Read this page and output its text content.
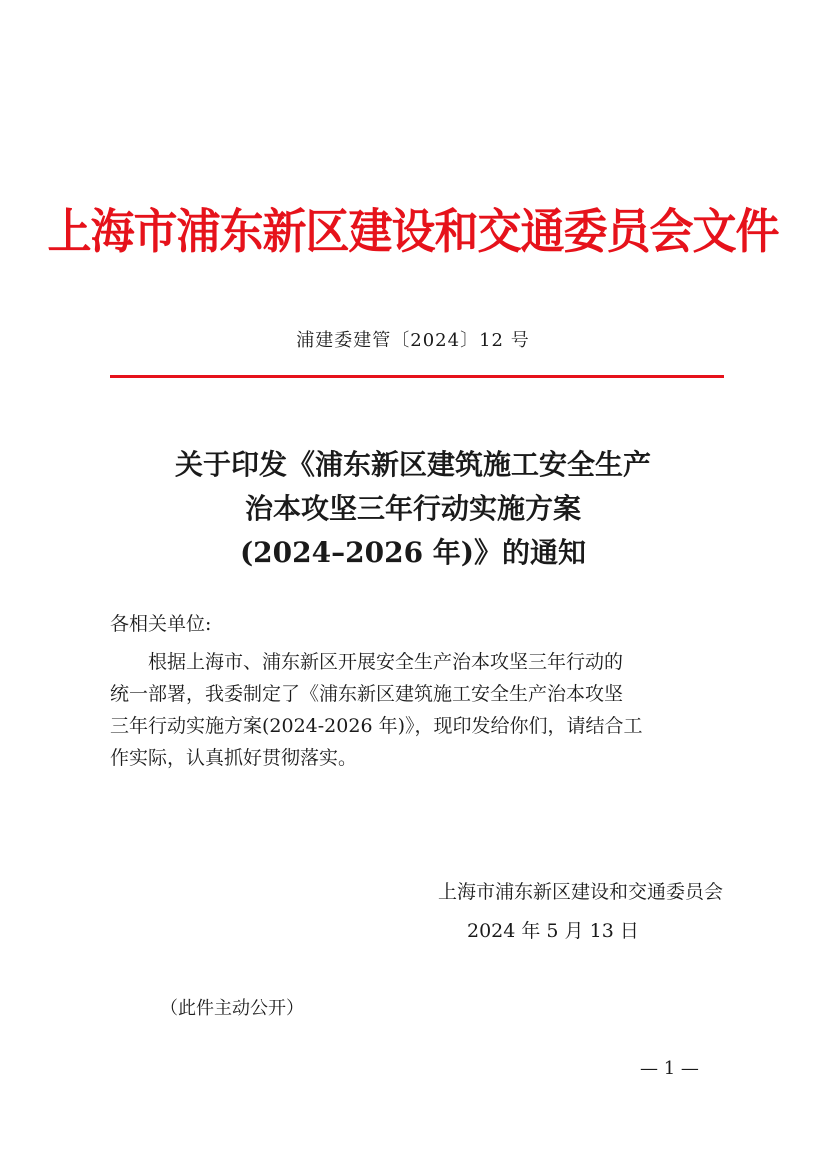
上海市浦东新区建设和交通委员会文件
浦建委建管〔2024〕12 号
关于印发《浦东新区建筑施工安全生产
治本攻坚三年行动实施方案
(2024–2026 年)》的通知
各相关单位:
根据上海市、浦东新区开展安全生产治本攻坚三年行动的
统一部署，我委制定了《浦东新区建筑施工安全生产治本攻坚
三年行动实施方案(2024-2026 年)》，现印发给你们，请结合工
作实际，认真抓好贯彻落实。
上海市浦东新区建设和交通委员会
2024 年 5 月 13 日
（此件主动公开）
— 1 —
